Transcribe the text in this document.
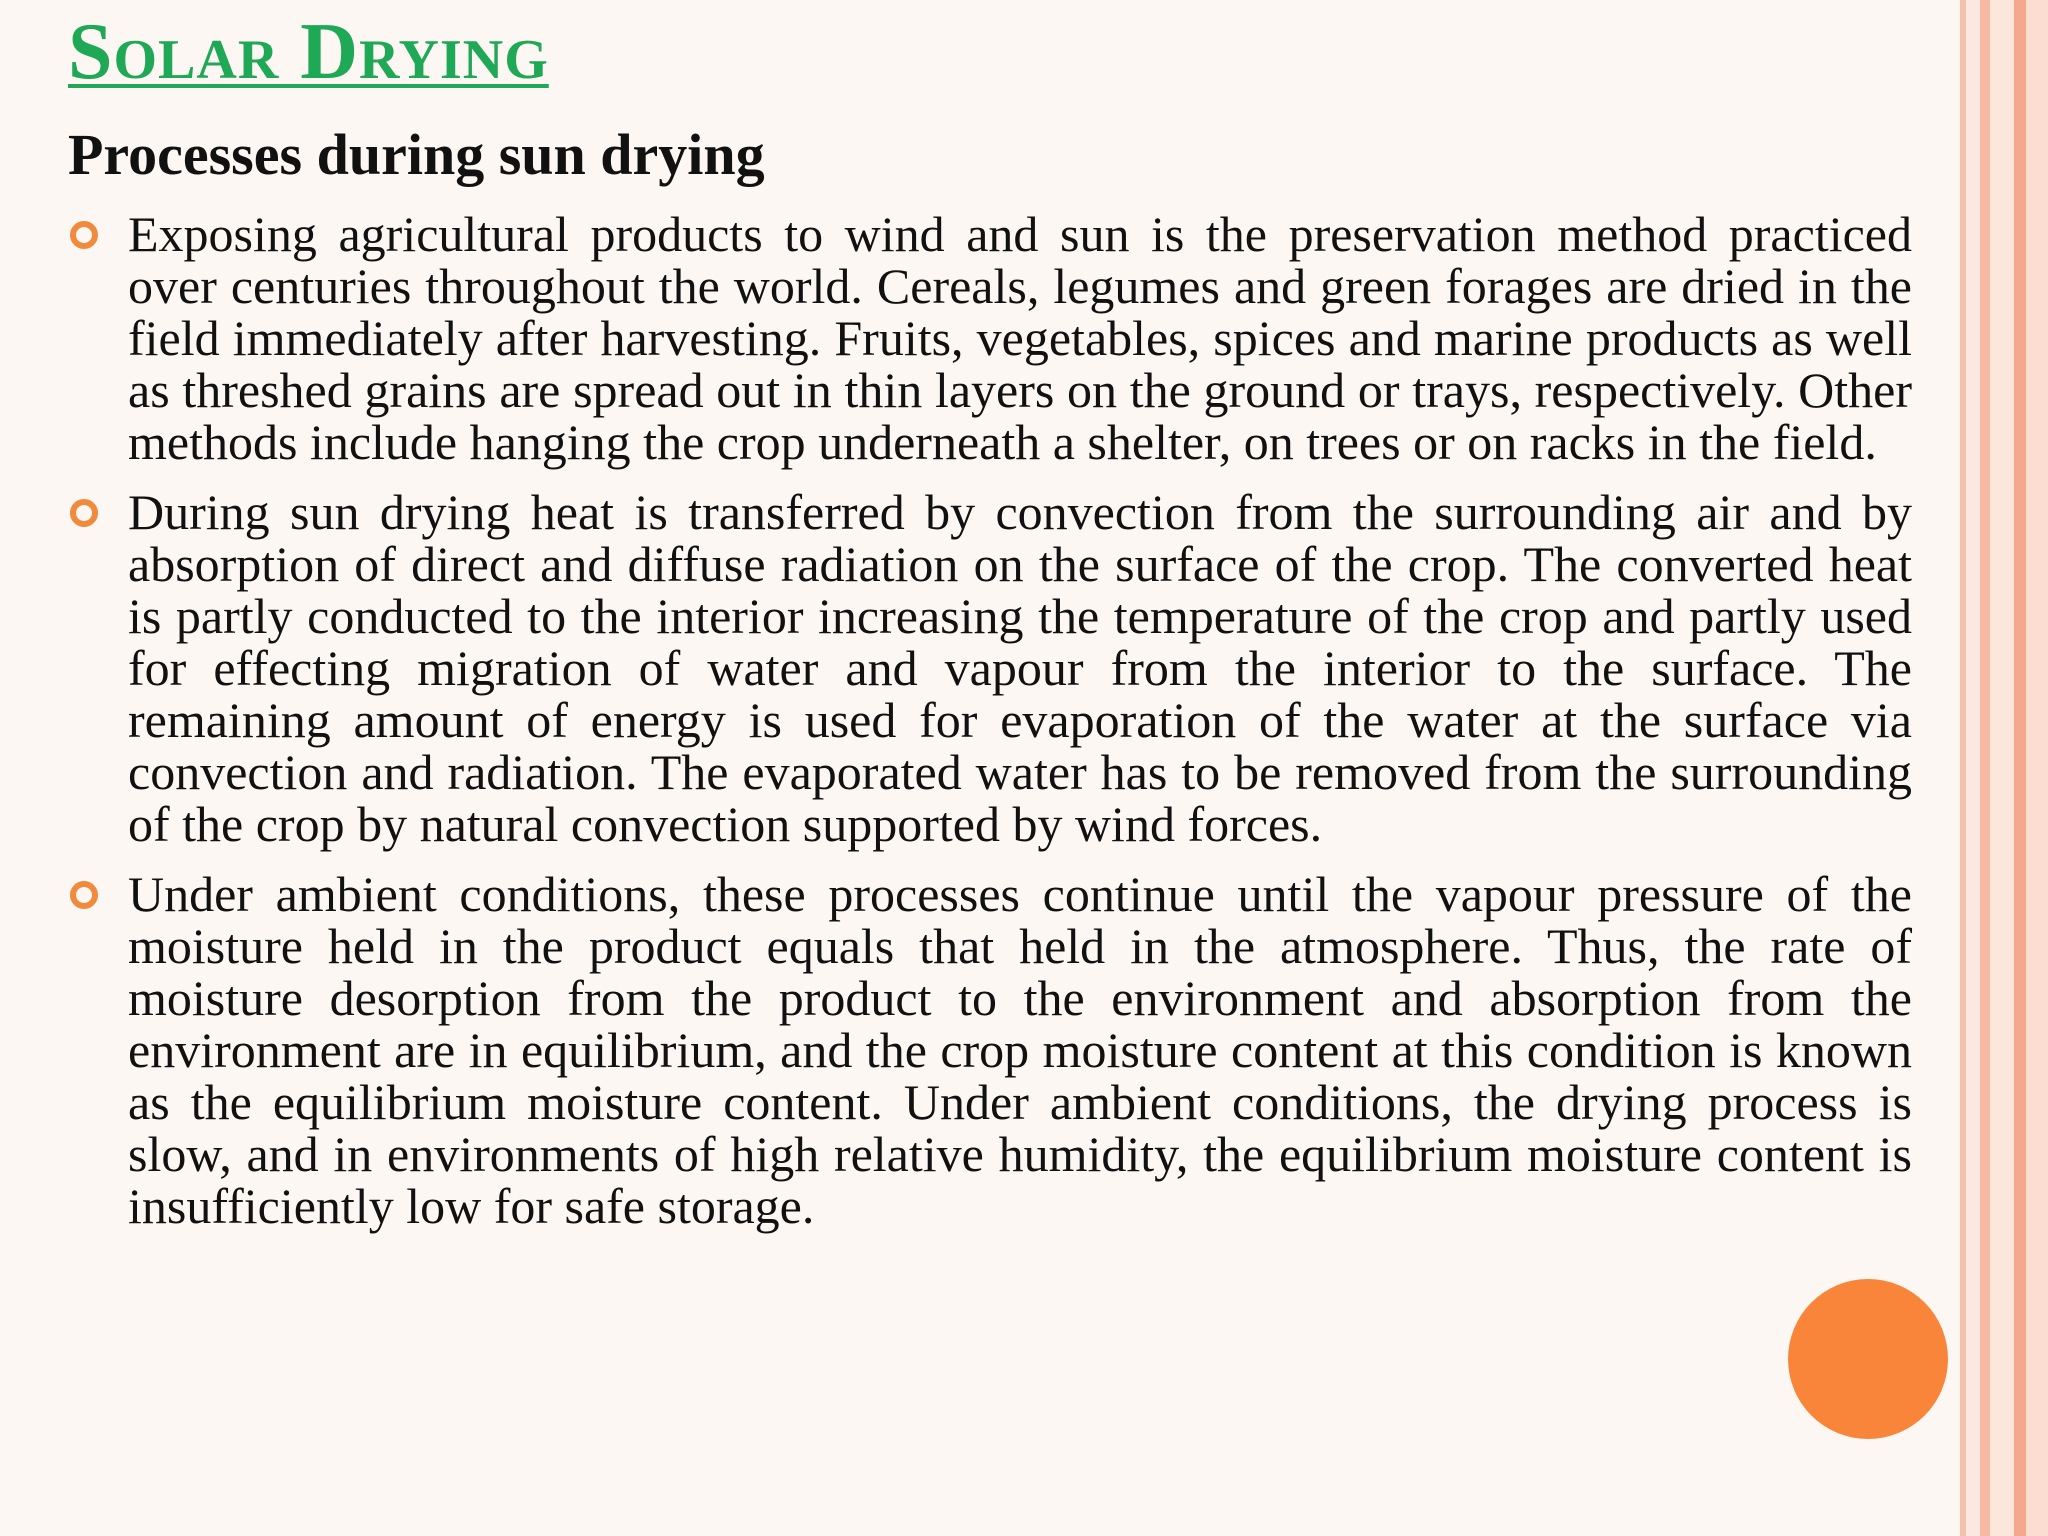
Solar Drying
Processes during sun drying
Exposing agricultural products to wind and sun is the preservation method practiced over centuries throughout the world. Cereals, legumes and green forages are dried in the field immediately after harvesting. Fruits, vegetables, spices and marine products as well as threshed grains are spread out in thin layers on the ground or trays, respectively. Other methods include hanging the crop underneath a shelter, on trees or on racks in the field.
During sun drying heat is transferred by convection from the surrounding air and by absorption of direct and diffuse radiation on the surface of the crop. The converted heat is partly conducted to the interior increasing the temperature of the crop and partly used for effecting migration of water and vapour from the interior to the surface. The remaining amount of energy is used for evaporation of the water at the surface via convection and radiation. The evaporated water has to be removed from the surrounding of the crop by natural convection supported by wind forces.
Under ambient conditions, these processes continue until the vapour pressure of the moisture held in the product equals that held in the atmosphere. Thus, the rate of moisture desorption from the product to the environment and absorption from the environment are in equilibrium, and the crop moisture content at this condition is known as the equilibrium moisture content. Under ambient conditions, the drying process is slow, and in environments of high relative humidity, the equilibrium moisture content is insufficiently low for safe storage.
